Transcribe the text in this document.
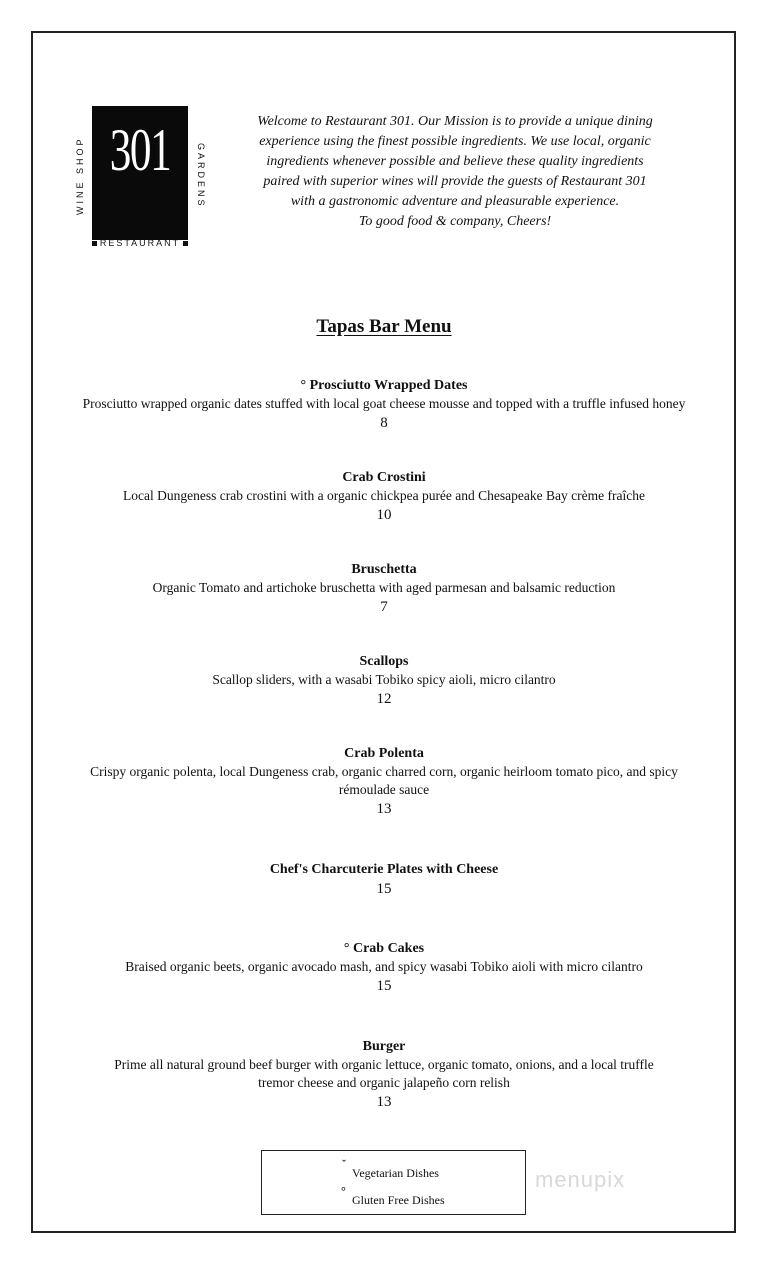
301
WINE SHOP	GARDENS
RESTAURANT

Welcome to Restaurant 301. Our Mission is to provide a unique dining

experience using the finest possible ingredients. We use local, organic

ingredients whenever possible and believe these quality ingredients

paired with superior wines will provide the guests of Restaurant 301

with a gastronomic adventure and pleasurable experience.

To good food & company, Cheers!

Tapas Bar Menu
° Prosciutto Wrapped Dates
Prosciutto wrapped organic dates stuffed with local goat cheese mousse and topped with a truffle infused honey
8
Crab Crostini
Local Dungeness crab crostini with a organic chickpea purée and Chesapeake Bay crème fraîche
10
Bruschetta
Organic Tomato and artichoke bruschetta with aged parmesan and balsamic reduction
7
Scallops
Scallop sliders, with a wasabi Tobiko spicy aioli, micro cilantro
12
Crab Polenta
Crispy organic polenta, local Dungeness crab, organic charred corn, organic heirloom tomato pico, and spicy
rémoulade sauce
13
Chef's Charcuterie Plates with Cheese
15
° Crab Cakes
Braised organic beets, organic avocado mash, and spicy wasabi Tobiko aioli with micro cilantro
15
Burger
Prime all natural ground beef burger with organic lettuce, organic tomato, onions, and a local truffle
tremor cheese and organic jalapeño corn relish
13
ˇ
Vegetarian Dishes
°
Gluten Free Dishes
menupix
